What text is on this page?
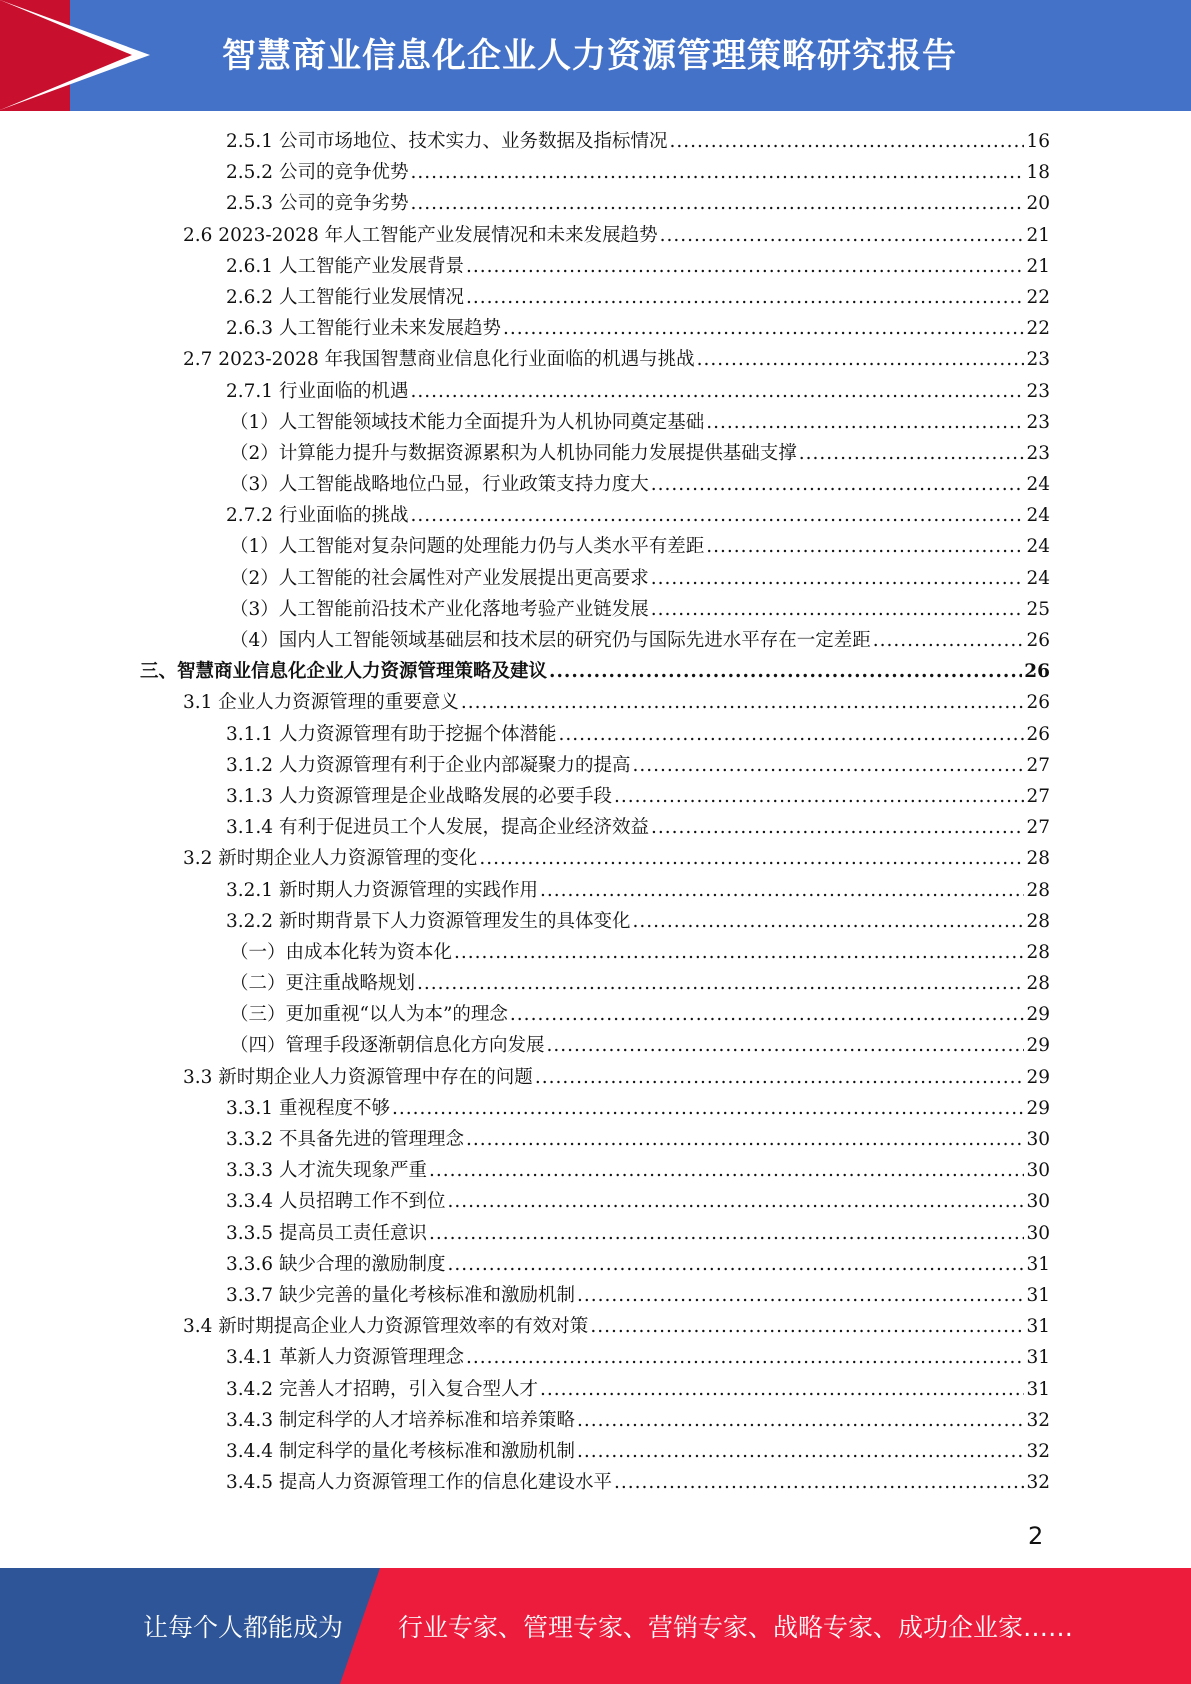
智慧商业信息化企业人力资源管理策略研究报告
2.5.1 公司市场地位、技术实力、业务数据及指标情况 .....	16
2.5.2 公司的竞争优势 .....	18
2.5.3 公司的竞争劣势 .....	20
2.6 2023-2028 年人工智能产业发展情况和未来发展趋势 .....	21
2.6.1 人工智能产业发展背景 .....	21
2.6.2 人工智能行业发展情况 .....	22
2.6.3 人工智能行业未来发展趋势 .....	22
2.7 2023-2028 年我国智慧商业信息化行业面临的机遇与挑战 .....	23
2.7.1 行业面临的机遇 .....	23
（1）人工智能领域技术能力全面提升为人机协同奠定基础 .....	23
（2）计算能力提升与数据资源累积为人机协同能力发展提供基础支撑 .....	23
（3）人工智能战略地位凸显，行业政策支持力度大 .....	24
2.7.2 行业面临的挑战 .....	24
（1）人工智能对复杂问题的处理能力仍与人类水平有差距 .....	24
（2）人工智能的社会属性对产业发展提出更高要求 .....	24
（3）人工智能前沿技术产业化落地考验产业链发展 .....	25
（4）国内人工智能领域基础层和技术层的研究仍与国际先进水平存在一定差距 .....	26
三、智慧商业信息化企业人力资源管理策略及建议 .....	26
3.1 企业人力资源管理的重要意义 .....	26
3.1.1 人力资源管理有助于挖掘个体潜能 .....	26
3.1.2 人力资源管理有利于企业内部凝聚力的提高 .....	27
3.1.3 人力资源管理是企业战略发展的必要手段 .....	27
3.1.4 有利于促进员工个人发展，提高企业经济效益 .....	27
3.2 新时期企业人力资源管理的变化 .....	28
3.2.1 新时期人力资源管理的实践作用 .....	28
3.2.2 新时期背景下人力资源管理发生的具体变化 .....	28
（一）由成本化转为资本化 .....	28
（二）更注重战略规划 .....	28
（三）更加重视“以人为本”的理念 .....	29
（四）管理手段逐渐朝信息化方向发展 .....	29
3.3 新时期企业人力资源管理中存在的问题 .....	29
3.3.1 重视程度不够 .....	29
3.3.2 不具备先进的管理理念 .....	30
3.3.3 人才流失现象严重 .....	30
3.3.4 人员招聘工作不到位 .....	30
3.3.5 提高员工责任意识 .....	30
3.3.6 缺少合理的激励制度 .....	31
3.3.7 缺少完善的量化考核标准和激励机制 .....	31
3.4 新时期提高企业人力资源管理效率的有效对策 .....	31
3.4.1 革新人力资源管理理念 .....	31
3.4.2 完善人才招聘，引入复合型人才 .....	31
3.4.3 制定科学的人才培养标准和培养策略 .....	32
3.4.4 制定科学的量化考核标准和激励机制 .....	32
3.4.5 提高人力资源管理工作的信息化建设水平 .....	32
2
让每个人都能成为 行业专家、管理专家、营销专家、战略专家、成功企业家……
